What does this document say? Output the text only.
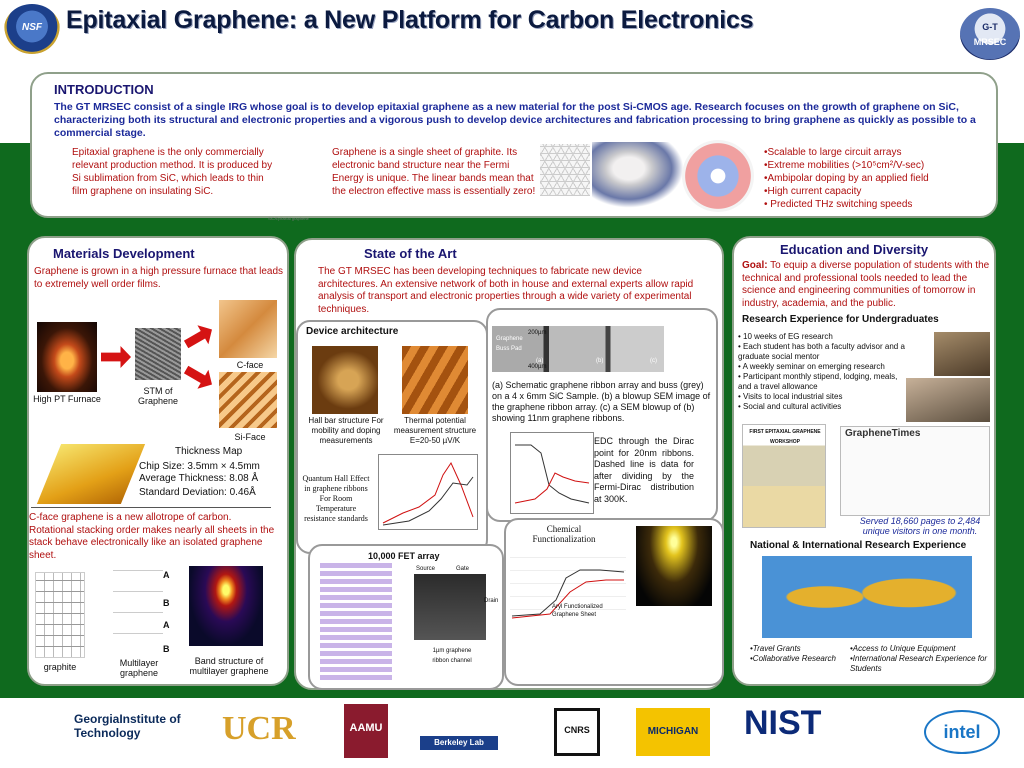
NSF Epitaxial Graphene: a New Platform for Carbon Electronics	G-T
MRSEC
INTRODUCTION
The GT MRSEC consist of a single IRG whose goal is to develop epitaxial graphene as a new material for the post Si-CMOS age. Research focuses on the growth of graphene on SiC, characterizing both its structural and electronic properties and a vigorous push to develop device architectures and fabrication processing to bring graphene as quickly as possible to a commercial stage.
Epitaxial graphene is the only commercially relevant production method. It is produced by Si sublimation from SiC, which leads to thin film graphene on insulating SiC.
Graphene is a single sheet of graphite. Its electronic band structure near the Fermi Energy is unique. The linear bands mean that the electron effective mass is essentially zero!
•Scalable to large circuit arrays
•Extreme mobilities (>10⁵cm²/V-sec)
•Ambipolar doping by an applied field
•High current capacity
• Predicted THz switching speeds
SiC/Epitaxial graphene
Materials Development
Graphene is grown in a high pressure furnace that leads to extremely well order films.
High PT Furnace
STM of Graphene
C-face
Si-Face
Thickness Map
Chip Size: 3.5mm × 4.5mm
Average Thickness: 8.08 Å
Standard Deviation: 0.46Å
C-face graphene is a new allotrope of carbon. Rotational stacking order makes nearly all sheets in the stack behave electronically like an isolated graphene sheet.
graphite
A
B
A
B
Multilayer graphene
Band structure of multilayer graphene
State of the Art
The GT MRSEC has been developing techniques to fabricate new device architectures. An extensive network of both in house and external experts allow rapid analysis of transport and electronic properties through a wide variety of experimental techniques.
Device architecture
Hall bar structure For mobility and doping measurements
Thermal potential measurement structure E=20-50 µV/K
Quantum Hall Effect in graphene ribbons For Room Temperature resistance standards
Graphene
Buss Pad
200µm
400µm
(a)	(b)	(c)
(a) Schematic graphene ribbon array and buss (grey) on a 4 x 6mm SiC Sample. (b) a blowup SEM image of the graphene ribbon array. (c) a SEM blowup of (b) showing 11nm graphene ribbons.
EDC through the Dirac point for 20nm ribbons. Dashed line is data for after dividing by the Fermi-Dirac distribution at 300K.
10,000 FET array
Source	Gate
Drain
1µm graphene ribbon channel
Chemical Functionalization
Aryl Functionalized
Graphene Sheet
Education and Diversity
Goal: To equip a diverse population of students with the technical and professional tools needed to lead the science and engineering communities of tomorrow in industry, academia, and the public.
Research Experience for Undergraduates
• 10 weeks of EG research
• Each student has both a faculty advisor and a graduate social mentor
• A weekly seminar on emerging research
• Participant monthly stipend, lodging, meals, and a travel allowance
• Visits to local industrial sites
• Social and cultural activities
FIRST EPITAXIAL GRAPHENE WORKSHOP
GrapheneTimes
Served 18,660 pages to 2,484 unique visitors in one month.
National & International Research Experience
•Travel Grants
•Collaborative Research
•Access to Unique Equipment
•International Research Experience for Students
GeorgiaInstitute of Technology	UCR	AAMU
Berkeley Lab
CNRS	MICHIGAN	NIST	intel
